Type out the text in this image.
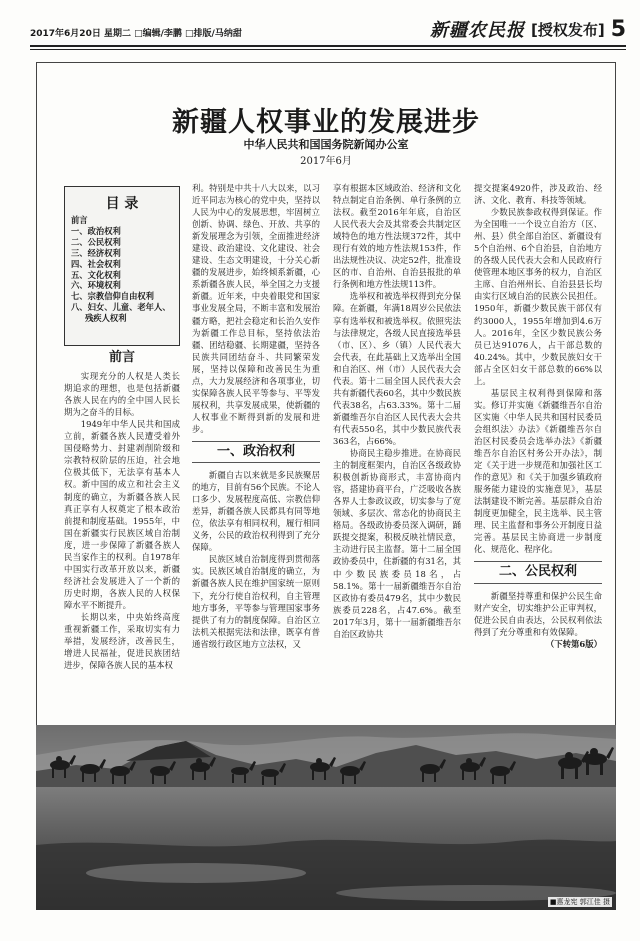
2017年6月20日 星期二 □编辑/李鹏 □排版/马纳甜	新疆农民报 [授权发布] 5
新疆人权事业的发展进步
中华人民共和国国务院新闻办公室
2017年6月
目 录
前言
一、政治权利
二、公民权利
三、经济权利
四、社会权利
五、文化权利
六、环境权利
七、宗教信仰自由权利
八、妇女、儿童、老年人、
残疾人权利
前言

实现充分的人权是人类长期追求的理想，也是包括新疆各族人民在内的全中国人民长期为之奋斗的目标。

1949年中华人民共和国成立前，新疆各族人民遭受着外国侵略势力、封建剥削阶级和宗教特权阶层的压迫，社会地位极其低下，无法享有基本人权。新中国的成立和社会主义制度的确立，为新疆各族人民真正享有人权奠定了根本政治前提和制度基础。1955年，中国在新疆实行民族区域自治制度，进一步保障了新疆各族人民当家作主的权利。自1978年中国实行改革开放以来，新疆经济社会发展进入了一个新的历史时期，各族人民的人权保障水平不断提升。

长期以来，中央始终高度重视新疆工作，采取切实有力举措，发展经济，改善民生，增进人民福祉，促进民族团结进步，保障各族人民的基本权

利。特别是中共十八大以来，以习近平同志为核心的党中央，坚持以人民为中心的发展思想，牢固树立创新、协调、绿色、开放、共享的新发展理念为引领，全面推进经济建设、政治建设、文化建设、社会建设、生态文明建设，十分关心新疆的发展进步，始终倾系新疆，心系新疆各族人民，举全国之力支援新疆。近年来，中央着眼党和国家事业发展全局，不断丰富和发展治疆方略，把社会稳定和长治久安作为新疆工作总目标，坚持依法治疆、团结稳疆、长期建疆，坚持各民族共同团结奋斗、共同繁荣发展，坚持以保障和改善民生为重点，大力发展经济和各项事业，切实保障各族人民平等参与、平等发展权利，共享发展成果，使新疆的人权事业不断得到新的发展和进步。

一、政治权利

新疆自古以来就是多民族聚居的地方，目前有56个民族。不论人口多少、发展程度高低、宗教信仰差异，新疆各族人民都具有同等地位，依法享有相同权利，履行相同义务，公民的政治权利得到了充分保障。

民族区域自治制度得到贯彻落实。民族区域自治制度的确立，为新疆各族人民在维护国家统一原则下，充分行使自治权利，自主管理地方事务，平等参与管理国家事务提供了有力的制度保障。自治区立法机关根据宪法和法律，既享有普通省级行政区地方立法权，又

享有根据本区域政治、经济和文化特点制定自治条例、单行条例的立法权。截至2016年年底，自治区人民代表大会及其常委会共制定区域特色的地方性法规372件，其中现行有效的地方性法规153件，作出法规性决议、决定52件，批准设区的市、自治州、自治县报批的单行条例和地方性法规113件。

选举权和被选举权得到充分保障。在新疆，年满18周岁公民依法享有选举权和被选举权。依照宪法与法律规定，各级人民直接选举县（市、区）、乡（镇）人民代表大会代表，在此基础上又选举出全国和自治区、州（市）人民代表大会代表。第十二届全国人民代表大会共有新疆代表60名，其中少数民族代表38名，占63.33%。第十二届新疆维吾尔自治区人民代表大会共有代表550名，其中少数民族代表363名，占66%。

协商民主稳步推进。在协商民主的制度框架内，自治区各级政协积极创新协商形式，丰富协商内容，搭建协商平台，广泛吸收各族各界人士参政议政，切实参与了宽领域、多层次、常态化的协商民主格局。各级政协委员深入调研，踊跃提交提案，积极反映社情民意，主动进行民主监督。第十二届全国政协委员中，住新疆的有31名，其中少数民族委员18名，占58.1%。第十一届新疆维吾尔自治区政协有委员479名，其中少数民族委员228名，占47.6%。截至2017年3月，第十一届新疆维吾尔自治区政协共

提交提案4920件，涉及政治、经济、文化、教育、科技等领域。

少数民族参政权得到保证。作为全国唯一一个设立自治方（区、州、县）供全部自治区、新疆设有5个自治州、6个自治县，自治地方的各级人民代表大会和人民政府行使管理本地区事务的权力，自治区主席、自治州州长、自治县县长均由实行区域自治的民族公民担任。1950年，新疆少数民族干部仅有约3000人，1955年增加到4.6万人。2016年，全区少数民族公务员已达91076人，占干部总数的40.24%。其中，少数民族妇女干部占全区妇女干部总数的66%以上。

基层民主权利得到保障和落实。修订并实施《新疆维吾尔自治区实施〈中华人民共和国村民委员会组织法〉办法》《新疆维吾尔自治区村民委员会选举办法》《新疆维吾尔自治区村务公开办法》，制定《关于进一步规范和加强社区工作的意见》和《关于加强乡镇政府服务能力建设的实施意见》，基层法制建设不断完善。基层群众自治制度更加健全，民主选举、民主管理、民主监督和事务公开制度日益完善。基层民主协商进一步制度化、规范化、程序化。

二、公民权利

新疆坚持尊重和保护公民生命财产安全，切实维护公正审判权，促进公民自由表达，公民权利依法得到了充分尊重和有效保障。
（下转第6版）

■惠龙宪 郭江佳 摄
